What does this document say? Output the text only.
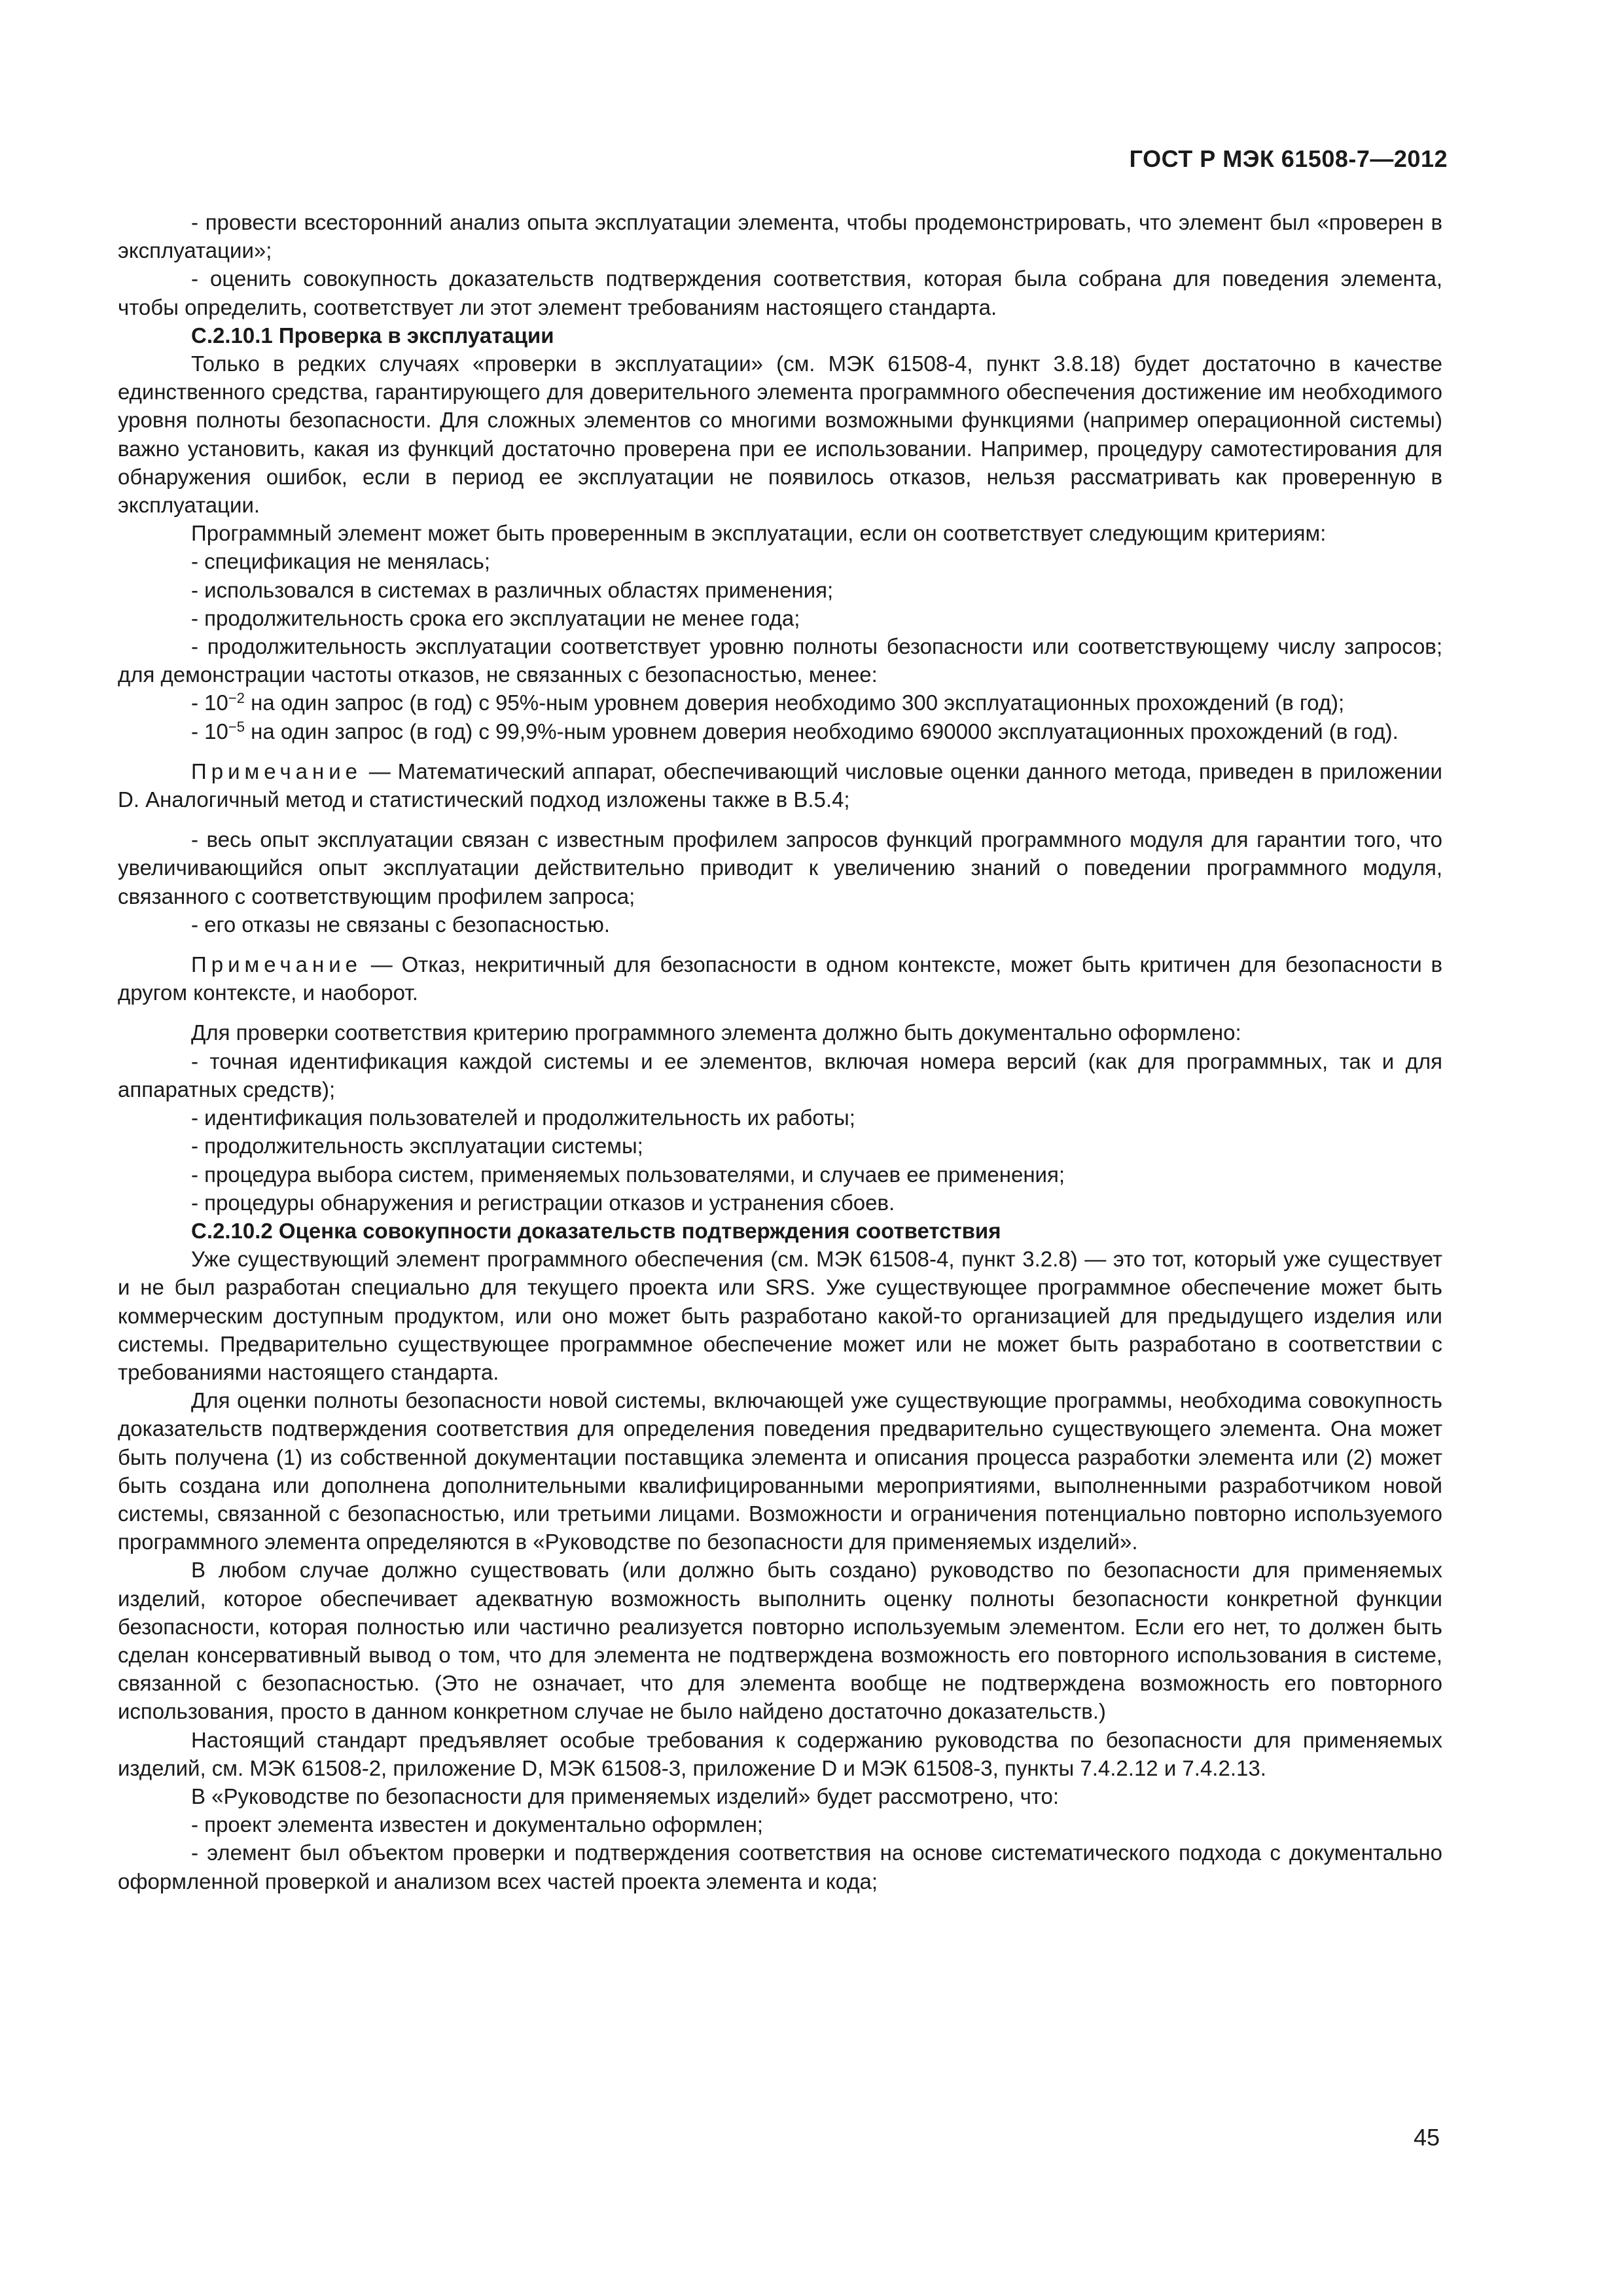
ГОСТ Р МЭК 61508-7—2012

- провести всесторонний анализ опыта эксплуатации элемента, чтобы продемонстрировать, что элемент был «проверен в эксплуатации»;

- оценить совокупность доказательств подтверждения соответствия, которая была собрана для поведения элемента, чтобы определить, соответствует ли этот элемент требованиям настоящего стандарта.

С.2.10.1 Проверка в эксплуатации

Только в редких случаях «проверки в эксплуатации» (см. МЭК 61508-4, пункт 3.8.18) будет достаточно в качестве единственного средства, гарантирующего для доверительного элемента программного обеспечения достижение им необходимого уровня полноты безопасности. Для сложных элементов со многими возможными функциями (например операционной системы) важно установить, какая из функций достаточно проверена при ее использовании. Например, процедуру самотестирования для обнаружения ошибок, если в период ее эксплуатации не появилось отказов, нельзя рассматривать как проверенную в эксплуатации.

Программный элемент может быть проверенным в эксплуатации, если он соответствует следующим критериям:

- спецификация не менялась;

- использовался в системах в различных областях применения;

- продолжительность срока его эксплуатации не менее года;

- продолжительность эксплуатации соответствует уровню полноты безопасности или соответствующему числу запросов; для демонстрации частоты отказов, не связанных с безопасностью, менее:

- $10^{-2}$ на один запрос (в год) с 95%-ным уровнем доверия необходимо 300 эксплуатационных прохождений (в год);

- $10^{-5}$ на один запрос (в год) с 99,9%-ным уровнем доверия необходимо 690000 эксплуатационных прохождений (в год).

Примечание — Математический аппарат, обеспечивающий числовые оценки данного метода, приведен в приложении D. Аналогичный метод и статистический подход изложены также в B.5.4;

- весь опыт эксплуатации связан с известным профилем запросов функций программного модуля для гарантии того, что увеличивающийся опыт эксплуатации действительно приводит к увеличению знаний о поведении программного модуля, связанного с соответствующим профилем запроса;

- его отказы не связаны с безопасностью.

Примечание — Отказ, некритичный для безопасности в одном контексте, может быть критичен для безопасности в другом контексте, и наоборот.

Для проверки соответствия критерию программного элемента должно быть документально оформлено:

- точная идентификация каждой системы и ее элементов, включая номера версий (как для программных, так и для аппаратных средств);

- идентификация пользователей и продолжительность их работы;

- продолжительность эксплуатации системы;

- процедура выбора систем, применяемых пользователями, и случаев ее применения;

- процедуры обнаружения и регистрации отказов и устранения сбоев.

С.2.10.2 Оценка совокупности доказательств подтверждения соответствия

Уже существующий элемент программного обеспечения (см. МЭК 61508-4, пункт 3.2.8) — это тот, который уже существует и не был разработан специально для текущего проекта или SRS. Уже существующее программное обеспечение может быть коммерческим доступным продуктом, или оно может быть разработано какой-то организацией для предыдущего изделия или системы. Предварительно существующее программное обеспечение может или не может быть разработано в соответствии с требованиями настоящего стандарта.

Для оценки полноты безопасности новой системы, включающей уже существующие программы, необходима совокупность доказательств подтверждения соответствия для определения поведения предварительно существующего элемента. Она может быть получена (1) из собственной документации поставщика элемента и описания процесса разработки элемента или (2) может быть создана или дополнена дополнительными квалифицированными мероприятиями, выполненными разработчиком новой системы, связанной с безопасностью, или третьими лицами. Возможности и ограничения потенциально повторно используемого программного элемента определяются в «Руководстве по безопасности для применяемых изделий».

В любом случае должно существовать (или должно быть создано) руководство по безопасности для применяемых изделий, которое обеспечивает адекватную возможность выполнить оценку полноты безопасности конкретной функции безопасности, которая полностью или частично реализуется повторно используемым элементом. Если его нет, то должен быть сделан консервативный вывод о том, что для элемента не подтверждена возможность его повторного использования в системе, связанной с безопасностью. (Это не означает, что для элемента вообще не подтверждена возможность его повторного использования, просто в данном конкретном случае не было найдено достаточно доказательств.)

Настоящий стандарт предъявляет особые требования к содержанию руководства по безопасности для применяемых изделий, см. МЭК 61508-2, приложение D, МЭК 61508-3, приложение D и МЭК 61508-3, пункты 7.4.2.12 и 7.4.2.13.

В «Руководстве по безопасности для применяемых изделий» будет рассмотрено, что:

- проект элемента известен и документально оформлен;

- элемент был объектом проверки и подтверждения соответствия на основе систематического подхода с документально оформленной проверкой и анализом всех частей проекта элемента и кода;

45
